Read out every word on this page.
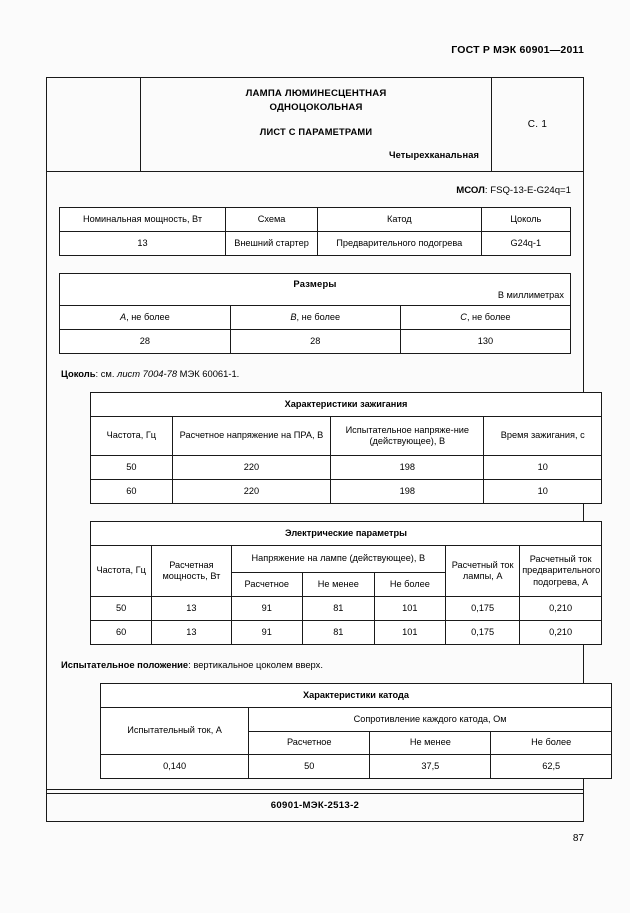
ГОСТ Р МЭК 60901—2011
ЛАМПА ЛЮМИНЕСЦЕНТНАЯ
ОДНОЦОКОЛЬНАЯ
ЛИСТ С ПАРАМЕТРАМИ
Четырехканальная
С. 1
МСОЛ: FSQ-13-E-G24q=1
Номинальная мощность, Вт	Схема	Катод	Цоколь
13	Внешний стартер	Предварительного подогрева	G24q-1
Размеры
В миллиметрах		

A, не более	B, не более	C, не более
28	28	130
Цоколь: см. лист 7004-78 МЭК 60061-1.
Характеристики зажигания			
Частота, Гц	Расчетное напряжение на ПРА, В	Испытательное напряже-ние (действующее), В	Время зажигания, с
50	220	198	10
60	220	198	10
Электрические параметры						
Частота, Гц	Расчетная мощность, Вт	Напряжение на лампе (действующее), В			Расчетный ток лампы, А	Расчетный ток предварительного подогрева, А
		Расчетное	Не менее	Не более		
50	13	91	81	101	0,175	0,210
60	13	91	81	101	0,175	0,210
Испытательное положение: вертикальное цоколем вверх.
Характеристики катода			
Испытательный ток, А	Сопротивление каждого катода, Ом		
	Расчетное	Не менее	Не более
0,140	50	37,5	62,5
60901-МЭК-2513-2
87
